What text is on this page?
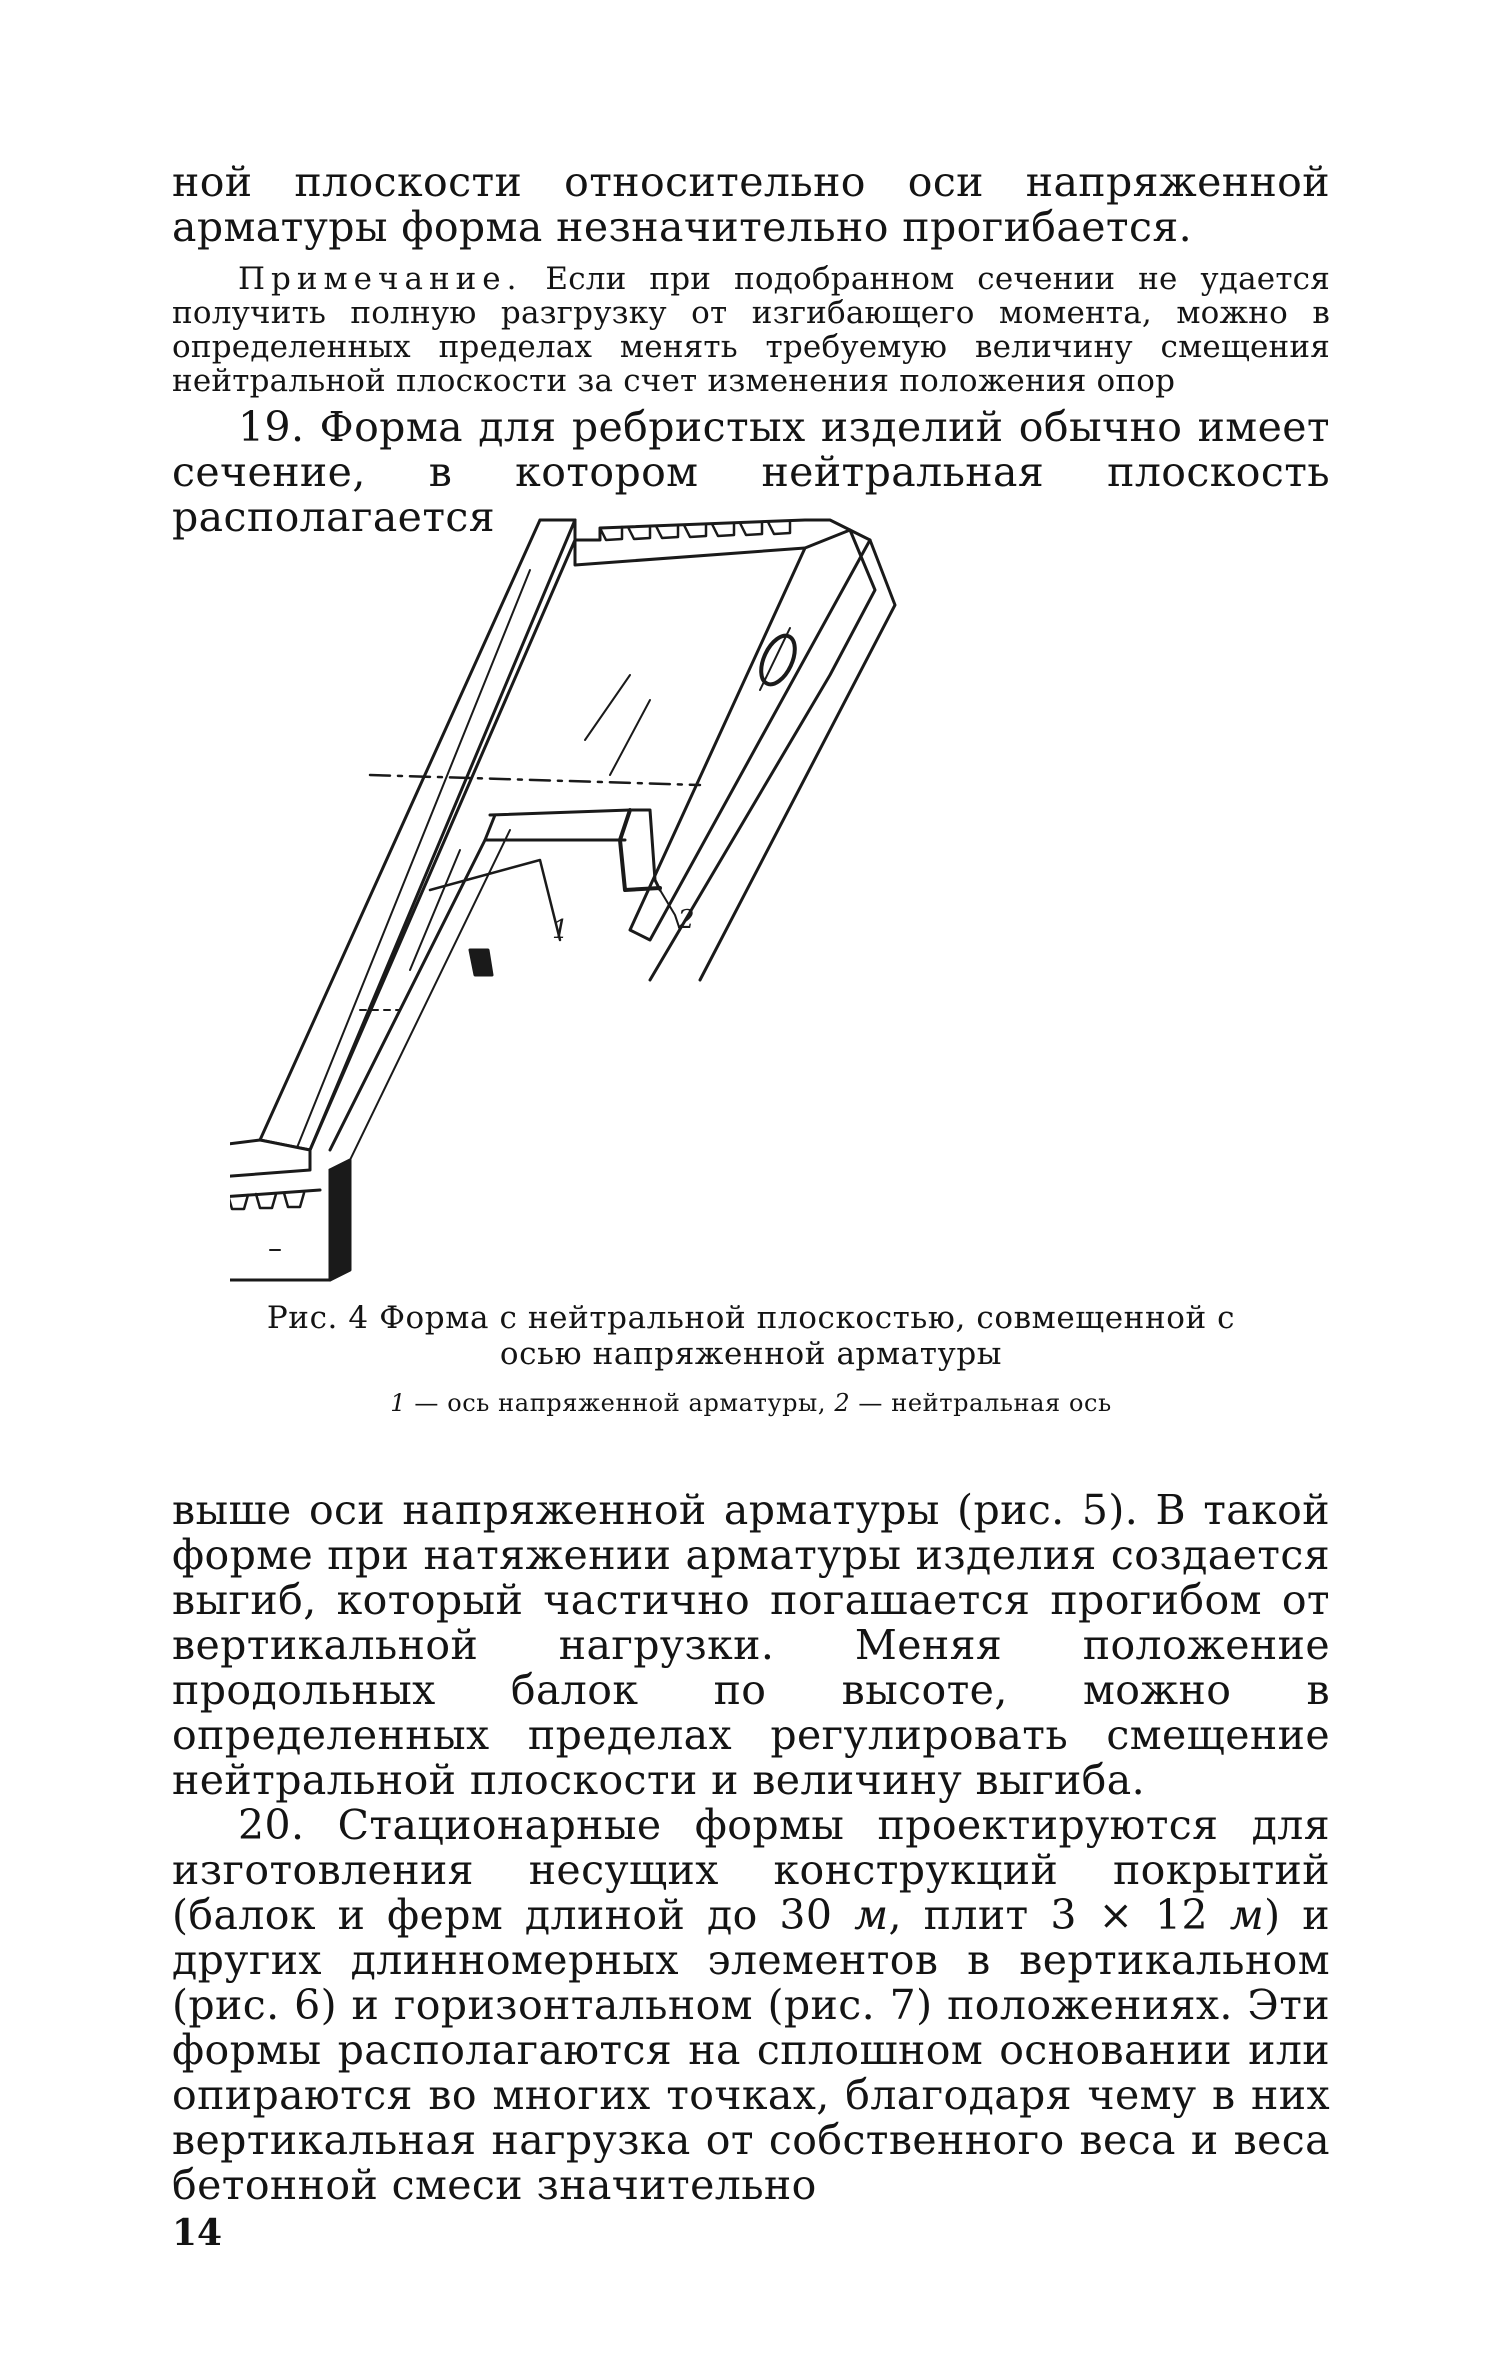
ной плоскости относительно оси напряженной арматуры форма незначительно прогибается.

Примечание. Если при подобранном сечении не удается получить полную разгрузку от изгибающего момента, можно в определенных пределах менять требуемую величину смещения нейтральной плоскости за счет изменения положения опор

19. Форма для ребристых изделий обычно имеет сечение, в котором нейтральная плоскость располагается

1	2
Рис. 4 Форма с нейтральной плоскостью, совмещенной с
осью напряженной арматуры
1 — ось напряженной арматуры, 2 — нейтральная ось

выше оси напряженной арматуры (рис. 5). В такой форме при натяжении арматуры изделия создается выгиб, который частично погашается прогибом от вертикальной нагрузки. Меняя положение продольных балок по высоте, можно в определенных пределах регулировать смещение нейтральной плоскости и величину выгиба.

20. Стационарные формы проектируются для изготовления несущих конструкций покрытий (балок и ферм длиной до 30 м, плит 3 × 12 м) и других длинномерных элементов в вертикальном (рис. 6) и горизонтальном (рис. 7) положениях. Эти формы располагаются на сплошном основании или опираются во многих точках, благодаря чему в них вертикальная нагрузка от собственного веса и веса бетонной смеси значительно

14
